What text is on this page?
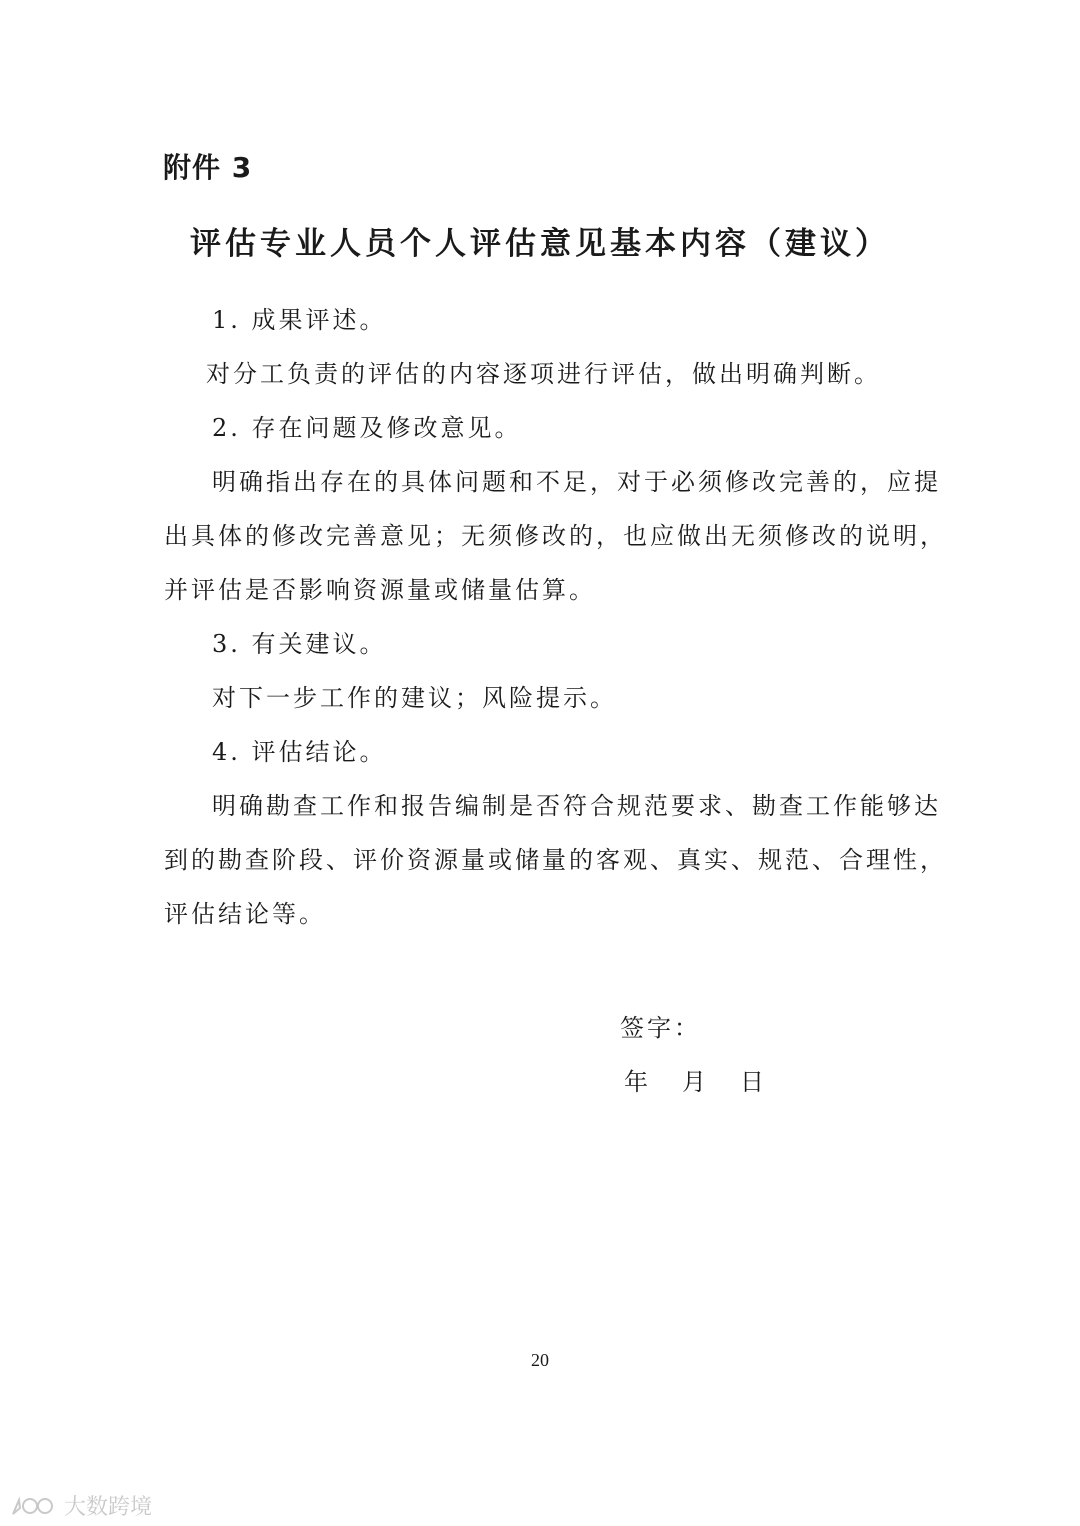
附件 3
评估专业人员个人评估意见基本内容（建议）
1. 成果评述。
对分工负责的评估的内容逐项进行评估，做出明确判断。
2. 存在问题及修改意见。
明确指出存在的具体问题和不足，对于必须修改完善的，应提
出具体的修改完善意见；无须修改的，也应做出无须修改的说明，
并评估是否影响资源量或储量估算。
3. 有关建议。
对下一步工作的建议；风险提示。
4. 评估结论。
明确勘查工作和报告编制是否符合规范要求、勘查工作能够达
到的勘查阶段、评价资源量或储量的客观、真实、规范、合理性，
评估结论等。
签字：
年 月 日
20
大数跨境
